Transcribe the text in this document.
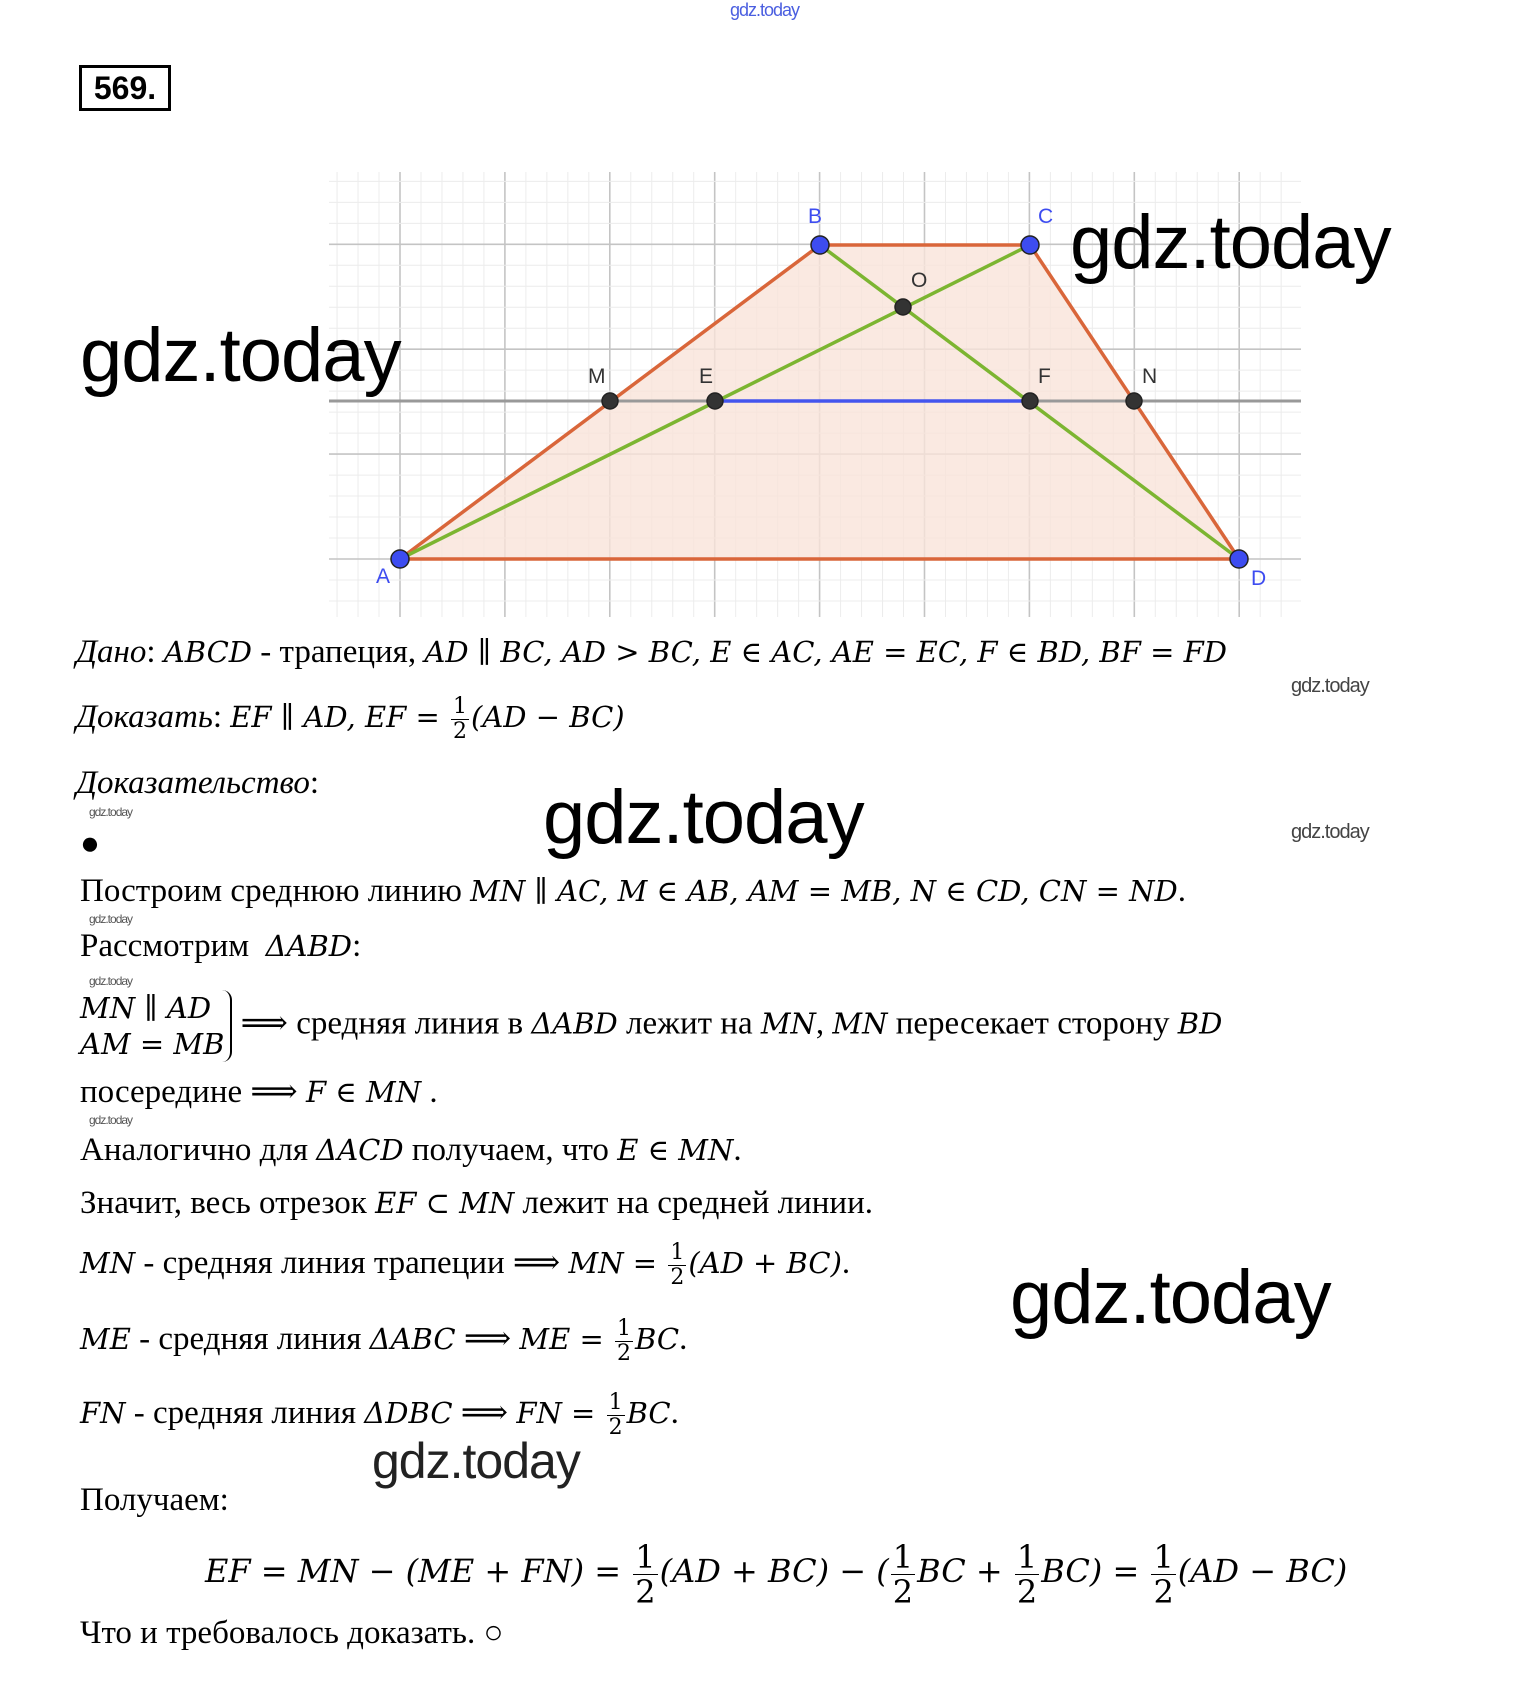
gdz.today
569.
A
B	C
D
M	E	F	N
O
gdz.today
gdz.today
gdz.today
gdz.today
gdz.today
gdz.today
gdz.today
gdz.today
gdz.today
gdz.today
gdz.today
Дано: ABCD - трапеция, AD ∥ BC, AD > BC, E ∈ AC, AE = EC, F ∈ BD, BF = FD
Доказать: EF ∥ AD, EF = $\frac{1}{2} (AD - BC)$
Доказательство:
●
Построим среднюю линию MN ∥ AC, M ∈ AB, AM = MB, N ∈ CD, CN = ND.
Рассмотрим  ΔABD:
MN ∥ AD
AM = MB
⟹ средняя линия в ΔABD лежит на MN, MN пересекает сторону BD
посередине ⟹ F ∈ MN .
Аналогично для ΔACD получаем, что E ∈ MN.
Значит, весь отрезок EF ⊂ MN лежит на средней линии.
MN - средняя линия трапеции ⟹ MN = $\frac{1}{2} (AD + BC)$.
ME - средняя линия ΔABC ⟹ ME = $\frac{1}{2}$ BC.
FN - средняя линия ΔDBC ⟹ FN = $\frac{1}{2}$ BC.
Получаем:
EF = MN − $(ME + FN) = \frac{1}{2} (AD + BC)$ − ( $\frac{1}{2}$ BC + $\frac{1}{2} BC) = \frac{1}{2} (AD - BC)$
Что и требовалось доказать. ○
